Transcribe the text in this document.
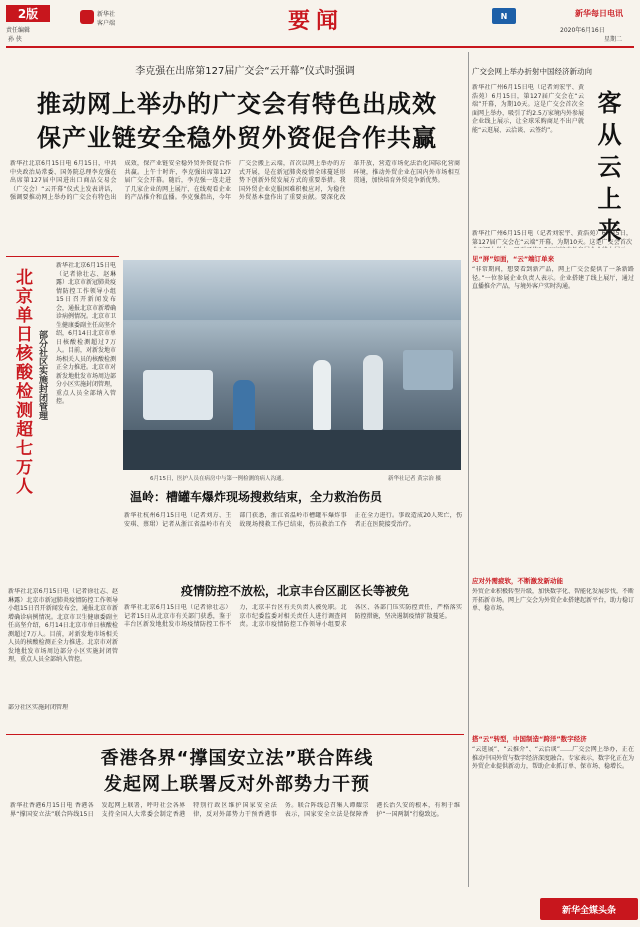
2版
责任编辑
孙 侠
新华社
客户端	要闻	N	新华每日电讯
2020年6月16日
星期二
李克强在出席第127届广交会“云开幕”仪式时强调
推动网上举办的广交会有特色出成效
保产业链安全稳外贸外资促合作共赢
新华社北京6月15日电 6月15日，中共中央政治局常委、国务院总理李克强在出席第127届中国进出口商品交易会（广交会）“云开幕”仪式上发表讲话，强调要推动网上举办的广交会有特色出成效，保产业链安全稳外贸外资促合作共赢。上午十时许，李克强出席第127届广交会开幕。随后，李克强一连走进了几家企业的网上展厅，在线观看企业的产品推介和直播。李克强指出，今年广交会搬上云端，首次以网上举办的方式开展，是在新冠肺炎疫情全球蔓延形势下创新外贸发展方式的重要举措。我国外贸企业克服困难积极应对，为稳住外贸基本盘作出了重要贡献。要深化改革开放，营造市场化法治化国际化营商环境，推动外贸企业在国内外市场相互贯通，加快培育外贸竞争新优势。
北京单日核酸检测超七万人 部分社区实施封闭管理
新华社北京6月15日电（记者徐壮志、赵琳露）北京市新冠肺炎疫情防控工作领导小组15日召开新闻发布会，通报北京市新增确诊病例情况。北京市卫生健康委副主任高坚介绍，6月14日北京市单日核酸检测超过7万人。目前，对新发地市场相关人员的核酸检测正全力推进。北京市对新发地批发市场周边部分小区实施封闭管理，重点人员全部纳入管控。
新华社北京6月15日电（记者徐壮志、赵琳露）北京市新冠肺炎疫情防控工作领导小组15日召开新闻发布会，通报北京市新增确诊病例情况。北京市卫生健康委副主任高坚介绍，6月14日北京市单日核酸检测超过7万人。目前，对新发地市场相关人员的核酸检测正全力推进。北京市对新发地批发市场周边部分小区实施封闭管理，重点人员全部纳入管控。
6月15日，医护人员在病房中与第一例检测的病人沟通。	新华社记者 黄宗治 摄
温岭：槽罐车爆炸现场搜救结束，全力救治伤员
新华社杭州6月15日电（记者刘方、王安琪、蔡珺）记者从浙江省温岭市有关部门获悉，浙江省温岭市槽罐车爆炸事故现场搜救工作已结束，伤员救治工作正在全力进行。事故造成20人死亡，伤者正在医院接受治疗。
疫情防控不放松，北京丰台区副区长等被免
新华社北京6月15日电（记者徐壮志）记者15日从北京市有关部门获悉，鉴于丰台区新发地批发市场疫情防控工作不力，北京丰台区有关负责人被免职。北京市纪委监委对相关责任人进行调查问责。北京市疫情防控工作领导小组要求各区、各部门压实防控责任，严格落实防控措施，坚决遏制疫情扩散蔓延。
部分社区实施封闭管理
香港各界“撑国安立法”联合阵线
发起网上联署反对外部势力干预
新华社香港6月15日电 香港各界“撑国安立法”联合阵线15日发起网上联署，呼吁社会各界支持全国人大常委会制定香港特别行政区维护国家安全法律，反对外部势力干预香港事务。联合阵线总召集人谭耀宗表示，国家安全立法是保障香港长治久安的根本，有利于维护“一国两制”行稳致远。
广交会网上举办折射中国经济新动向
客从云上来
新华社广州6月15日电（记者刘宏宇、黄浩苑）6月15日，第127届广交会在“云端”开幕，为期10天。这是广交会首次全面网上举办，吸引了约2.5万家境内外参展企业线上展示，让全球采购商足不出户就能“云逛展、云洽谈、云签约”。
新华社广州6月15日电（记者刘宏宇、黄浩苑）6月15日，第127届广交会在“云端”开幕，为期10天。这是广交会首次
见“屏”如面，“云”端订单来
“非常期间，想要看到新产品，网上广交会提供了一条新路径。”一位参展企业负责人表示。企业搭建了线上展厅，通过直播推介产品，与境外客户实时沟通。
应对外需疲软，不断激发新动能
外贸企业积极转型升级，加快数字化、智能化发展步伐，不断开拓新市场。网上广交会为外贸企业搭建起新平台，助力稳订单、稳市场。
搭“云”转型，中国制造“跨洋”数字经济
“云逛展”、“云推介”、“云洽谈”……广交会网上举办，正在推动中国外贸与数字经济深度融合。专家表示，数字化正在为外贸企业提供新动力，帮助企业抓订单、保市场、稳增长。
新华全媒头条
